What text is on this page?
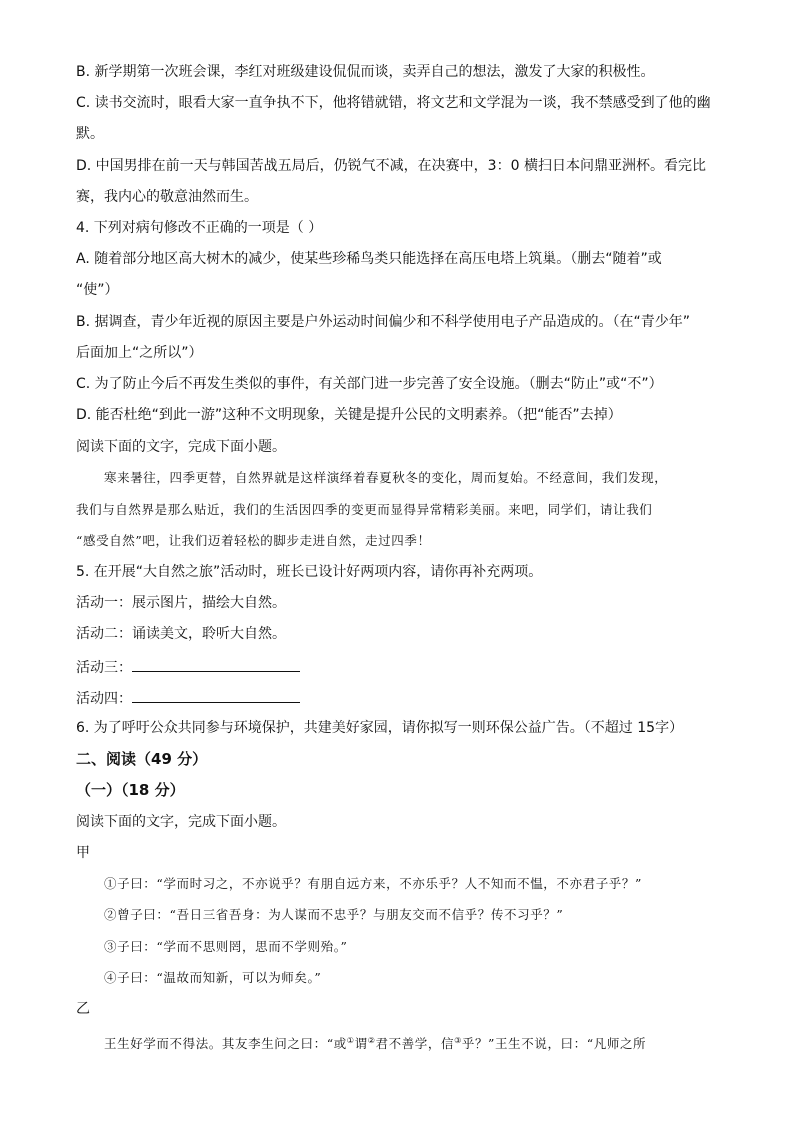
B. 新学期第一次班会课，李红对班级建设侃侃而谈，卖弄自己的想法，激发了大家的积极性。
C. 读书交流时，眼看大家一直争执不下，他将错就错，将文艺和文学混为一谈，我不禁感受到了他的幽
默。
D. 中国男排在前一天与韩国苦战五局后，仍锐气不减，在决赛中，3：0 横扫日本问鼎亚洲杯。看完比
赛，我内心的敬意油然而生。
4. 下列对病句修改不正确的一项是（ ）
A. 随着部分地区高大树木的减少，使某些珍稀鸟类只能选择在高压电塔上筑巢。（删去“随着”或
“使”）
B. 据调查，青少年近视的原因主要是户外运动时间偏少和不科学使用电子产品造成的。（在“青少年”
后面加上“之所以”）
C. 为了防止今后不再发生类似的事件，有关部门进一步完善了安全设施。（删去“防止”或“不”）
D. 能否杜绝“到此一游”这种不文明现象，关键是提升公民的文明素养。（把“能否”去掉）
阅读下面的文字，完成下面小题。
寒来暑往，四季更替，自然界就是这样演绎着春夏秋冬的变化，周而复始。不经意间，我们发现，
我们与自然界是那么贴近，我们的生活因四季的变更而显得异常精彩美丽。来吧，同学们，请让我们
“感受自然”吧，让我们迈着轻松的脚步走进自然，走过四季！
5. 在开展“大自然之旅”活动时，班长已设计好两项内容，请你再补充两项。
活动一：展示图片，描绘大自然。
活动二：诵读美文，聆听大自然。
活动三：
活动四：
6. 为了呼吁公众共同参与环境保护，共建美好家园，请你拟写一则环保公益广告。（不超过 15字）
二、阅读（49 分）
（一）（18 分）
阅读下面的文字，完成下面小题。
甲
①子曰：“学而时习之，不亦说乎？有朋自远方来，不亦乐乎？人不知而不愠，不亦君子乎？”
②曾子曰：“吾日三省吾身：为人谋而不忠乎？与朋友交而不信乎？传不习乎？”
③子曰：“学而不思则罔，思而不学则殆。”
④子曰：“温故而知新，可以为师矣。”
乙
王生好学而不得法。其友李生问之曰：“或①谓②君不善学，信③乎？”王生不说，曰：“凡师之所
